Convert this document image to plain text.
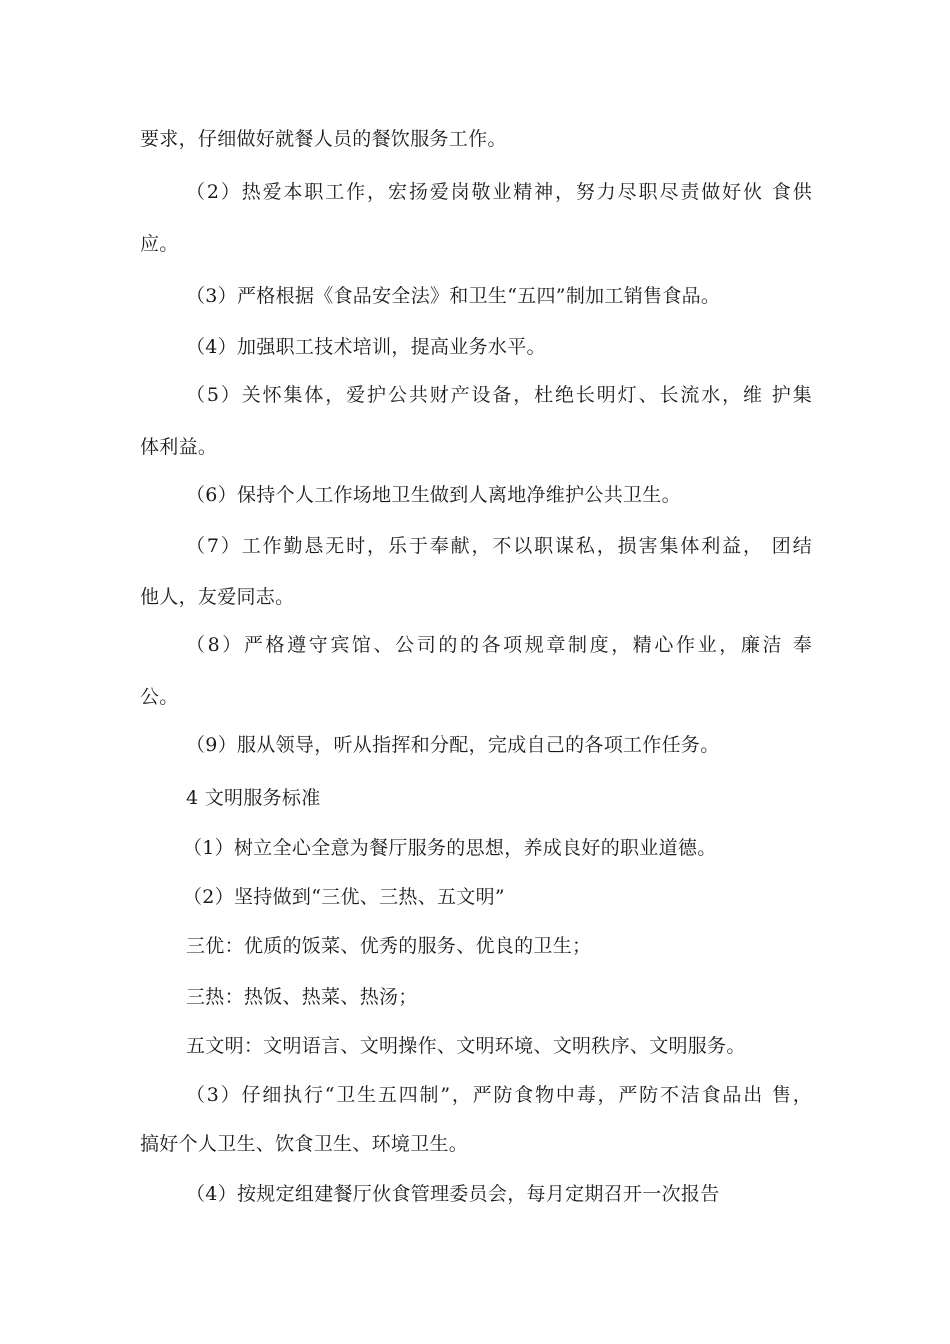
要求，仔细做好就餐人员的餐饮服务工作。
（2）热爱本职工作，宏扬爱岗敬业精神，努力尽职尽责做好伙 食供
应。
（3）严格根据《食品安全法》和卫生“五四”制加工销售食品。
（4）加强职工技术培训，提高业务水平。
（5）关怀集体，爱护公共财产设备，杜绝长明灯、长流水，维 护集
体利益。
（6）保持个人工作场地卫生做到人离地净维护公共卫生。
（7）工作勤恳无时，乐于奉献，不以职谋私，损害集体利益， 团结
他人，友爱同志。
（8）严格遵守宾馆、公司的的各项规章制度，精心作业，廉洁 奉
公。
（9）服从领导，听从指挥和分配，完成自己的各项工作任务。
4 文明服务标准
（1）树立全心全意为餐厅服务的思想，养成良好的职业道德。
（2）坚持做到“三优、三热、五文明”
三优：优质的饭菜、优秀的服务、优良的卫生；
三热：热饭、热菜、热汤；
五文明：文明语言、文明操作、文明环境、文明秩序、文明服务。
（3）仔细执行“卫生五四制”，严防食物中毒，严防不洁食品出 售，
搞好个人卫生、饮食卫生、环境卫生。
（4）按规定组建餐厅伙食管理委员会，每月定期召开一次报告
